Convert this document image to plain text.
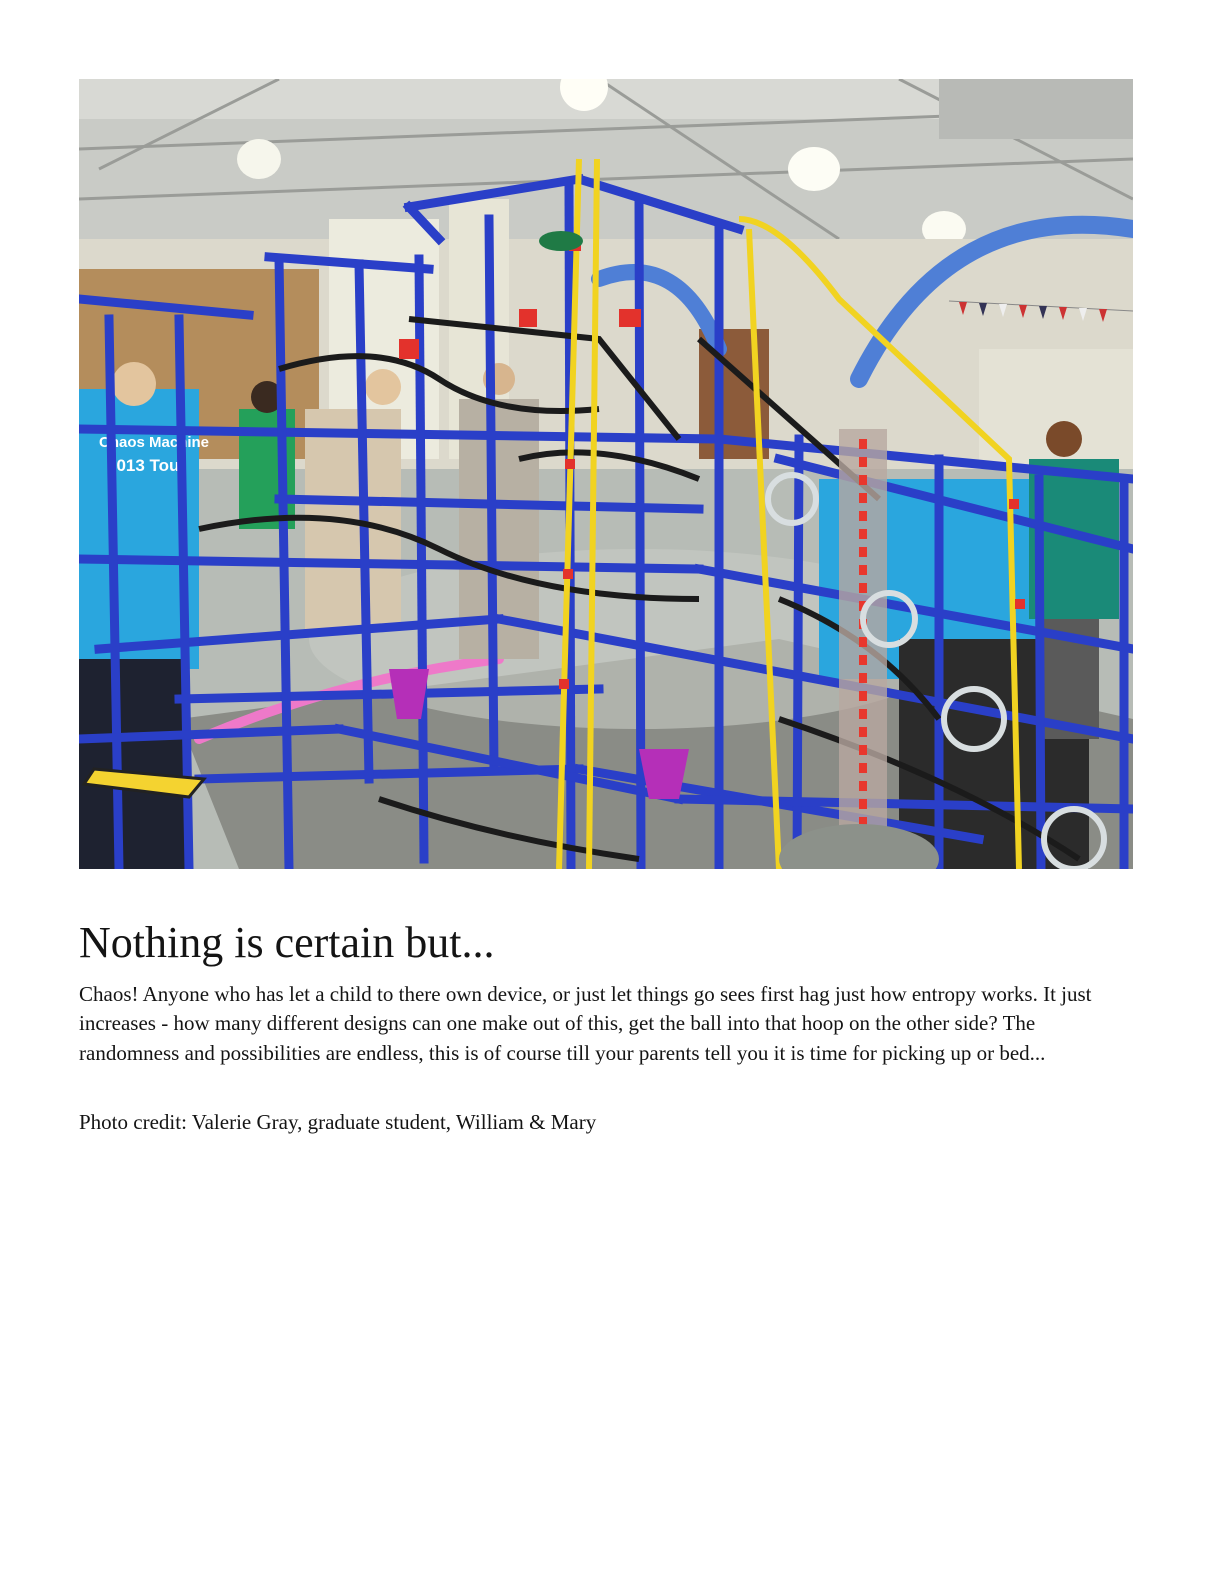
Chaos Machine
2013 Tour
Nothing is certain but...

Chaos! Anyone who has let a child to there own device, or just let things go sees first hag just how entropy works. It just increases - how many different designs can one make out of this, get the ball into that hoop on the other side? The randomness and possibilities are endless, this is of course till your parents tell you it is time for picking up or bed...

Photo credit: Valerie Gray, graduate student, William & Mary
